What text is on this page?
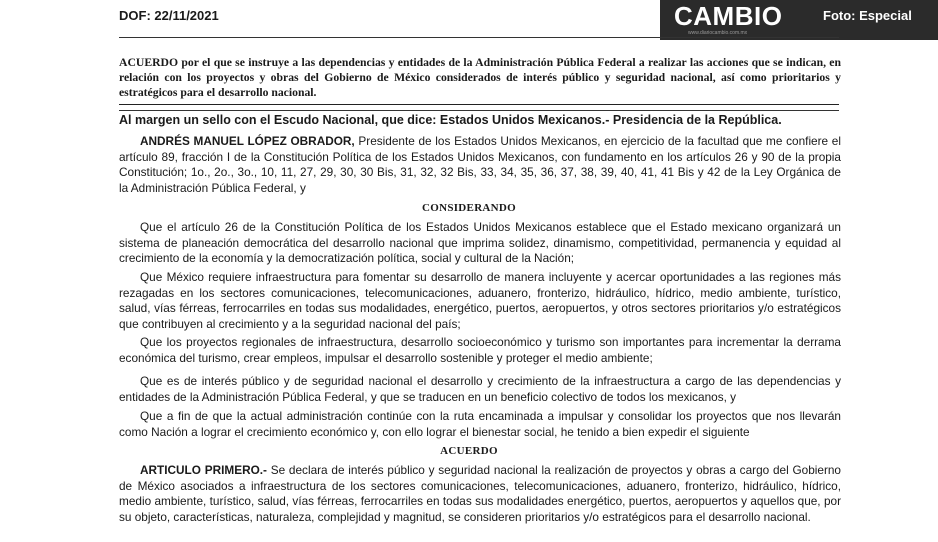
DOF: 22/11/2021	CAMBIO
www.diariocambio.com.mx
Foto: Especial
ACUERDO por el que se instruye a las dependencias y entidades de la Administración Pública Federal a realizar las acciones que se indican, en relación con los proyectos y obras del Gobierno de México considerados de interés público y seguridad nacional, así como prioritarios y estratégicos para el desarrollo nacional.
Al margen un sello con el Escudo Nacional, que dice: Estados Unidos Mexicanos.- Presidencia de la República.

ANDRÉS MANUEL LÓPEZ OBRADOR, Presidente de los Estados Unidos Mexicanos, en ejercicio de la facultad que me confiere el artículo 89, fracción I de la Constitución Política de los Estados Unidos Mexicanos, con fundamento en los artículos 26 y 90 de la propia Constitución; 1o., 2o., 3o., 10, 11, 27, 29, 30, 30 Bis, 31, 32, 32 Bis, 33, 34, 35, 36, 37, 38, 39, 40, 41, 41 Bis y 42 de la Ley Orgánica de la Administración Pública Federal, y

CONSIDERANDO

Que el artículo 26 de la Constitución Política de los Estados Unidos Mexicanos establece que el Estado mexicano organizará un sistema de planeación democrática del desarrollo nacional que imprima solidez, dinamismo, competitividad, permanencia y equidad al crecimiento de la economía y la democratización política, social y cultural de la Nación;

Que México requiere infraestructura para fomentar su desarrollo de manera incluyente y acercar oportunidades a las regiones más rezagadas en los sectores comunicaciones, telecomunicaciones, aduanero, fronterizo, hidráulico, hídrico, medio ambiente, turístico, salud, vías férreas, ferrocarriles en todas sus modalidades, energético, puertos, aeropuertos, y otros sectores prioritarios y/o estratégicos que contribuyen al crecimiento y a la seguridad nacional del país;

Que los proyectos regionales de infraestructura, desarrollo socioeconómico y turismo son importantes para incrementar la derrama económica del turismo, crear empleos, impulsar el desarrollo sostenible y proteger el medio ambiente;

Que es de interés público y de seguridad nacional el desarrollo y crecimiento de la infraestructura a cargo de las dependencias y entidades de la Administración Pública Federal, y que se traducen en un beneficio colectivo de todos los mexicanos, y

Que a fin de que la actual administración continúe con la ruta encaminada a impulsar y consolidar los proyectos que nos llevarán como Nación a lograr el crecimiento económico y, con ello lograr el bienestar social, he tenido a bien expedir el siguiente

ACUERDO

ARTICULO PRIMERO.- Se declara de interés público y seguridad nacional la realización de proyectos y obras a cargo del Gobierno de México asociados a infraestructura de los sectores comunicaciones, telecomunicaciones, aduanero, fronterizo, hidráulico, hídrico, medio ambiente, turístico, salud, vías férreas, ferrocarriles en todas sus modalidades energético, puertos, aeropuertos y aquellos que, por su objeto, características, naturaleza, complejidad y magnitud, se consideren prioritarios y/o estratégicos para el desarrollo nacional.
